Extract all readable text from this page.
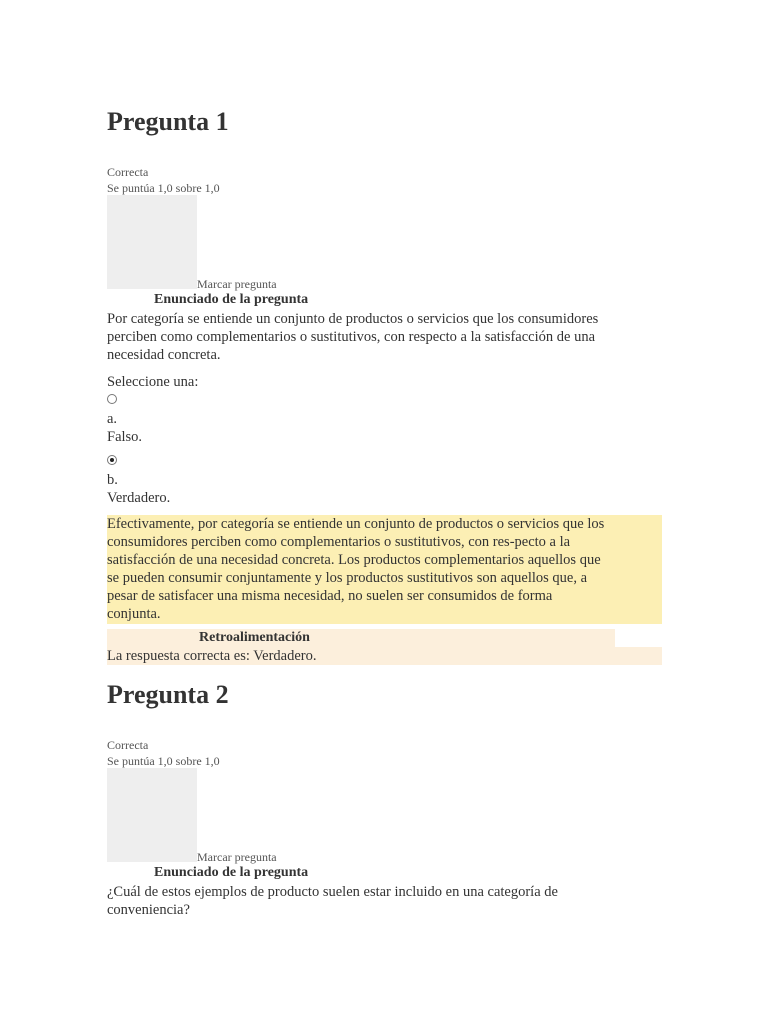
Pregunta 1
Correcta
Se puntúa 1,0 sobre 1,0
Marcar pregunta
Enunciado de la pregunta
Por categoría se entiende un conjunto de productos o servicios que los consumidores
perciben como complementarios o sustitutivos, con respecto a la satisfacción de una
necesidad concreta.
Seleccione una:
a.
Falso.
b.
Verdadero.
Efectivamente, por categoría se entiende un conjunto de productos o servicios que los
consumidores perciben como complementarios o sustitutivos, con res-pecto a la
satisfacción de una necesidad concreta. Los productos complementarios aquellos que
se pueden consumir conjuntamente y los productos sustitutivos son aquellos que, a
pesar de satisfacer una misma necesidad, no suelen ser consumidos de forma
conjunta.
Retroalimentación
La respuesta correcta es: Verdadero.
Pregunta 2
Correcta
Se puntúa 1,0 sobre 1,0
Marcar pregunta
Enunciado de la pregunta
¿Cuál de estos ejemplos de producto suelen estar incluido en una categoría de
conveniencia?
